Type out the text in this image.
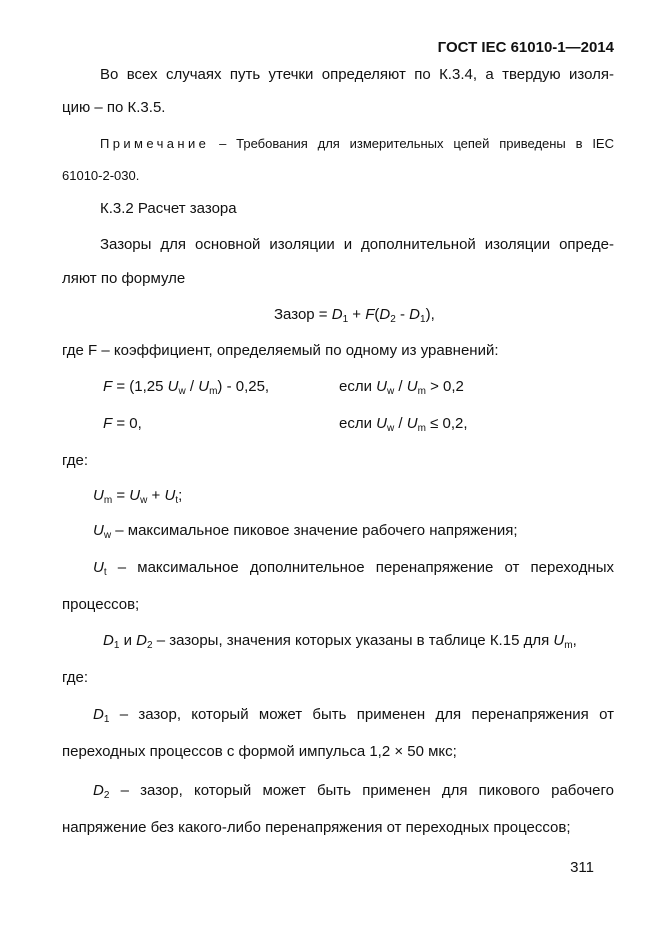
ГОСТ IEC 61010-1—2014
Во всех случаях путь утечки определяют по К.3.4, а твердую изоля-
цию – по К.3.5.
Примечание – Требования для измерительных цепей приведены в IEC
61010-2-030.
К.3.2 Расчет зазора
Зазоры для основной изоляции и дополнительной изоляции опреде-
ляют по формуле
Зазор = $D_1 + F(D_2 - D_1)$,
где F – коэффициент, определяемый по одному из уравнений:
F = (1,25 $U_w / U_m) - 0,25$,	если $U_w / U_m > 0,2$
F = 0,	если $U_w / U_m \le 0,2$,
где:
$U_m = U_w + U_t$;
$U_w$ – максимальное пиковое значение рабочего напряжения;
$U_t$ – максимальное дополнительное перенапряжение от переходных
процессов;
$D_1$ и $D_2$ – зазоры, значения которых указаны в таблице К.15 для $U_m$,
где:
$D_1$ – зазор, который может быть применен для перенапряжения от
переходных процессов с формой импульса 1,2 × 50 мкс;
$D_2$ – зазор, который может быть применен для пикового рабочего
напряжение без какого-либо перенапряжения от переходных процессов;
311
